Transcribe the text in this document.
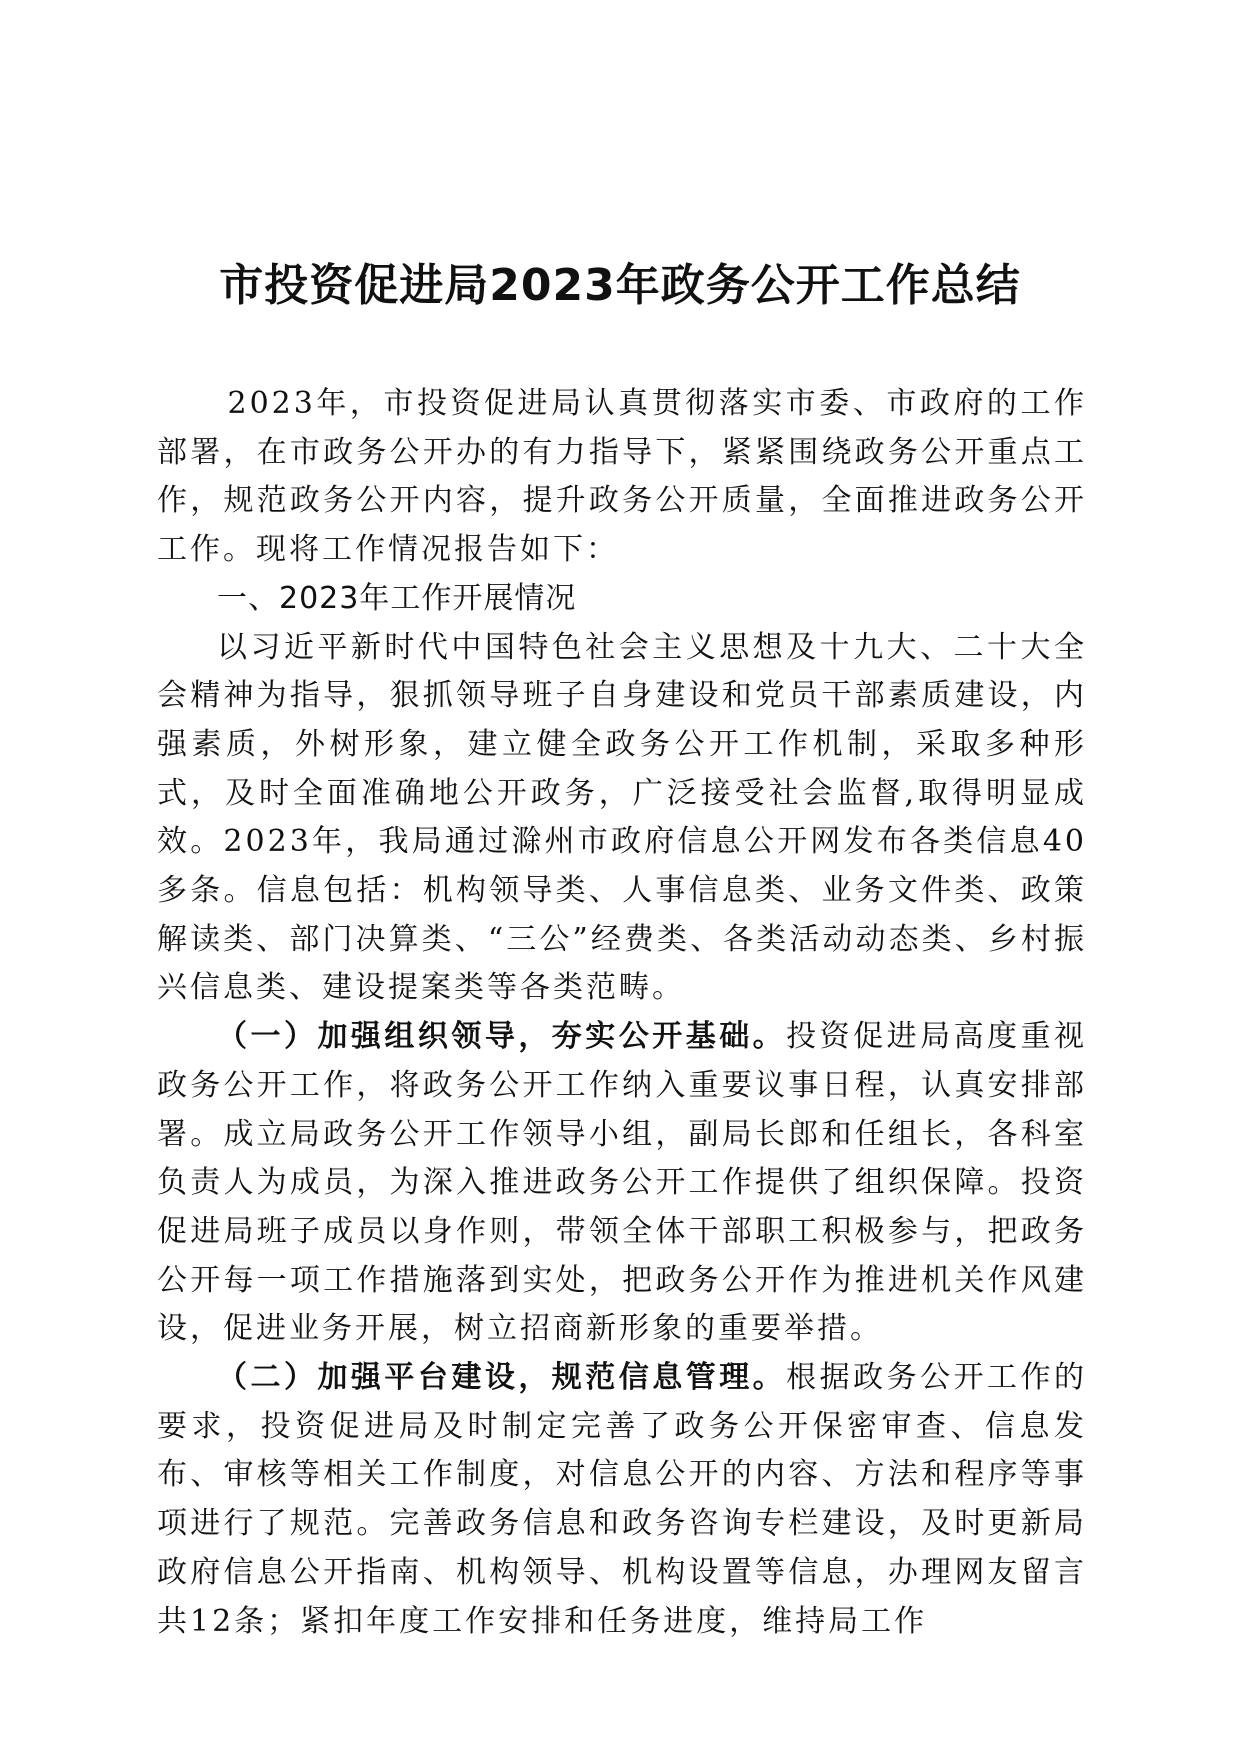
市投资促进局2023年政务公开工作总结

2023年，市投资促进局认真贯彻落实市委、市政府的工作部署，在市政务公开办的有力指导下，紧紧围绕政务公开重点工作，规范政务公开内容，提升政务公开质量，全面推进政务公开工作。现将工作情况报告如下：

一、2023年工作开展情况

以习近平新时代中国特色社会主义思想及十九大、二十大全会精神为指导，狠抓领导班子自身建设和党员干部素质建设，内强素质，外树形象，建立健全政务公开工作机制，采取多种形式，及时全面准确地公开政务，广泛接受社会监督,取得明显成效。2023年，我局通过滁州市政府信息公开网发布各类信息40多条。信息包括：机构领导类、人事信息类、业务文件类、政策解读类、部门决算类、“三公”经费类、各类活动动态类、乡村振兴信息类、建设提案类等各类范畴。

（一）加强组织领导，夯实公开基础。投资促进局高度重视政务公开工作，将政务公开工作纳入重要议事日程，认真安排部署。成立局政务公开工作领导小组，副局长郎和任组长，各科室负责人为成员，为深入推进政务公开工作提供了组织保障。投资促进局班子成员以身作则，带领全体干部职工积极参与，把政务公开每一项工作措施落到实处，把政务公开作为推进机关作风建设，促进业务开展，树立招商新形象的重要举措。

（二）加强平台建设，规范信息管理。根据政务公开工作的要求，投资促进局及时制定完善了政务公开保密审查、信息发布、审核等相关工作制度，对信息公开的内容、方法和程序等事项进行了规范。完善政务信息和政务咨询专栏建设，及时更新局政府信息公开指南、机构领导、机构设置等信息，办理网友留言共12条；紧扣年度工作安排和任务进度，维持局工作
